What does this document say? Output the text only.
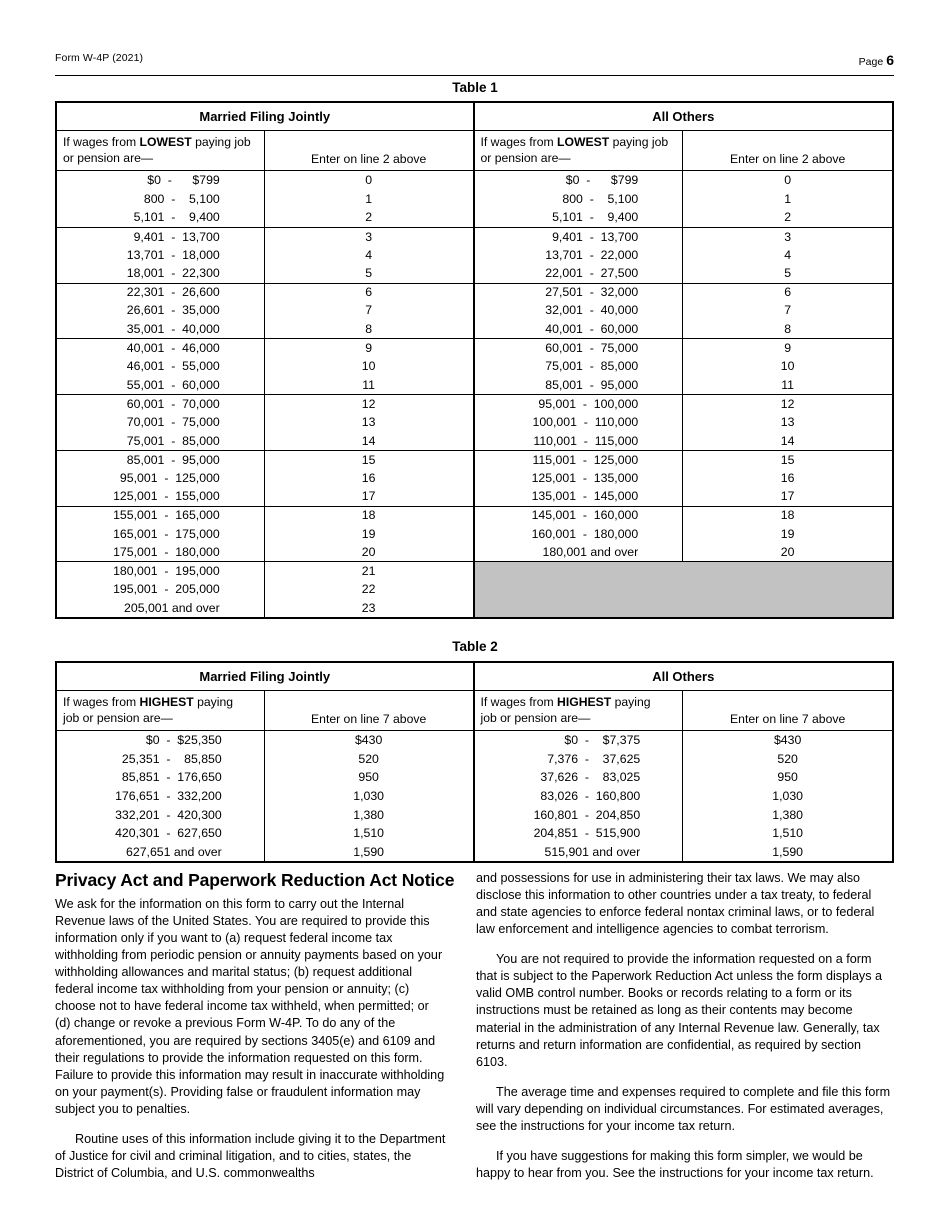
Form W-4P (2021)	Page 6
Table 1
Married Filing Jointly
If wages from LOWEST paying job
or pension are—	Enter on line 2 above
$0  -      $799	0
800  -    5,100	1
5,101  -    9,400	2
9,401  -  13,700	3
13,701  -  18,000	4
18,001  -  22,300	5
22,301  -  26,600	6
26,601  -  35,000	7
35,001  -  40,000	8
40,001  -  46,000	9
46,001  -  55,000	10
55,001  -  60,000	11
60,001  -  70,000	12
70,001  -  75,000	13
75,001  -  85,000	14
85,001  -  95,000	15
95,001  -  125,000	16
125,001  -  155,000	17
155,001  -  165,000	18
165,001  -  175,000	19
175,001  -  180,000	20
180,001  -  195,000	21
195,001  -  205,000	22
205,001 and over	23
All Others
If wages from LOWEST paying job
or pension are—	Enter on line 2 above
$0  -      $799	0
800  -    5,100	1
5,101  -    9,400	2
9,401  -  13,700	3
13,701  -  22,000	4
22,001  -  27,500	5
27,501  -  32,000	6
32,001  -  40,000	7
40,001  -  60,000	8
60,001  -  75,000	9
75,001  -  85,000	10
85,001  -  95,000	11
95,001  -  100,000	12
100,001  -  110,000	13
110,001  -  115,000	14
115,001  -  125,000	15
125,001  -  135,000	16
135,001  -  145,000	17
145,001  -  160,000	18
160,001  -  180,000	19
180,001 and over	20
Table 2
Married Filing Jointly
If wages from HIGHEST paying
job or pension are—	Enter on line 7 above
$0  -  $25,350	$430
25,351  -    85,850	520
85,851  -  176,650	950
176,651  -  332,200	1,030
332,201  -  420,300	1,380
420,301  -  627,650	1,510
627,651 and over	1,590
All Others
If wages from HIGHEST paying
job or pension are—	Enter on line 7 above
$0  -    $7,375	$430
7,376  -    37,625	520
37,626  -    83,025	950
83,026  -  160,800	1,030
160,801  -  204,850	1,380
204,851  -  515,900	1,510
515,901 and over	1,590
Privacy Act and Paperwork Reduction Act Notice

We ask for the information on this form to carry out the Internal Revenue laws of the United States. You are required to provide this information only if you want to (a) request federal income tax withholding from periodic pension or annuity payments based on your withholding allowances and marital status; (b) request additional federal income tax withholding from your pension or annuity; (c) choose not to have federal income tax withheld, when permitted; or (d) change or revoke a previous Form W-4P. To do any of the aforementioned, you are required by sections 3405(e) and 6109 and their regulations to provide the information requested on this form. Failure to provide this information may result in inaccurate withholding on your payment(s). Providing false or fraudulent information may subject you to penalties.

Routine uses of this information include giving it to the Department of Justice for civil and criminal litigation, and to cities, states, the District of Columbia, and U.S. commonwealths

and possessions for use in administering their tax laws. We may also disclose this information to other countries under a tax treaty, to federal and state agencies to enforce federal nontax criminal laws, or to federal law enforcement and intelligence agencies to combat terrorism.

You are not required to provide the information requested on a form that is subject to the Paperwork Reduction Act unless the form displays a valid OMB control number. Books or records relating to a form or its instructions must be retained as long as their contents may become material in the administration of any Internal Revenue law. Generally, tax returns and return information are confidential, as required by section 6103.

The average time and expenses required to complete and file this form will vary depending on individual circumstances. For estimated averages, see the instructions for your income tax return.

If you have suggestions for making this form simpler, we would be happy to hear from you. See the instructions for your income tax return.
